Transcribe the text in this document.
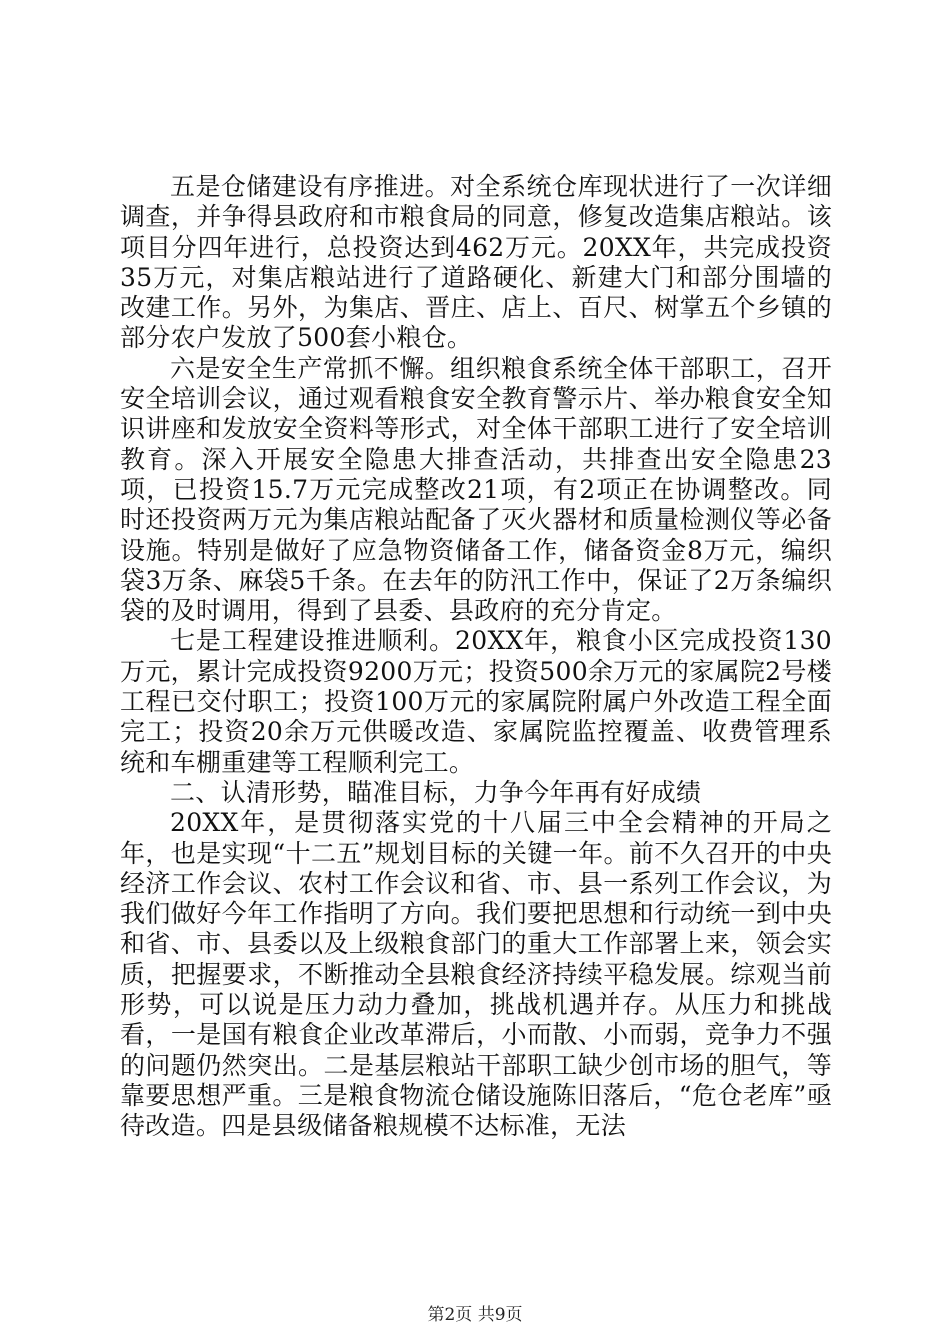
五是仓储建设有序推进。对全系统仓库现状进行了一次详细调查，并争得县政府和市粮食局的同意，修复改造集店粮站。该项目分四年进行，总投资达到462万元。20XX年，共完成投资35万元，对集店粮站进行了道路硬化、新建大门和部分围墙的改建工作。另外，为集店、晋庄、店上、百尺、树掌五个乡镇的部分农户发放了500套小粮仓。

六是安全生产常抓不懈。组织粮食系统全体干部职工，召开安全培训会议，通过观看粮食安全教育警示片、举办粮食安全知识讲座和发放安全资料等形式，对全体干部职工进行了安全培训教育。深入开展安全隐患大排查活动，共排查出安全隐患23项，已投资15.7万元完成整改21项，有2项正在协调整改。同时还投资两万元为集店粮站配备了灭火器材和质量检测仪等必备设施。特别是做好了应急物资储备工作，储备资金8万元，编织袋3万条、麻袋5千条。在去年的防汛工作中，保证了2万条编织袋的及时调用，得到了县委、县政府的充分肯定。

七是工程建设推进顺利。20XX年，粮食小区完成投资130万元，累计完成投资9200万元；投资500余万元的家属院2号楼工程已交付职工；投资100万元的家属院附属户外改造工程全面完工；投资20余万元供暖改造、家属院监控覆盖、收费管理系统和车棚重建等工程顺利完工。

二、认清形势，瞄准目标，力争今年再有好成绩

20XX年，是贯彻落实党的十八届三中全会精神的开局之年，也是实现“十二五”规划目标的关键一年。前不久召开的中央经济工作会议、农村工作会议和省、市、县一系列工作会议，为我们做好今年工作指明了方向。我们要把思想和行动统一到中央和省、市、县委以及上级粮食部门的重大工作部署上来，领会实质，把握要求，不断推动全县粮食经济持续平稳发展。综观当前形势，可以说是压力动力叠加，挑战机遇并存。从压力和挑战看，一是国有粮食企业改革滞后，小而散、小而弱，竞争力不强的问题仍然突出。二是基层粮站干部职工缺少创市场的胆气，等靠要思想严重。三是粮食物流仓储设施陈旧落后，“危仓老库”亟待改造。四是县级储备粮规模不达标准，无法

第2页 共9页
